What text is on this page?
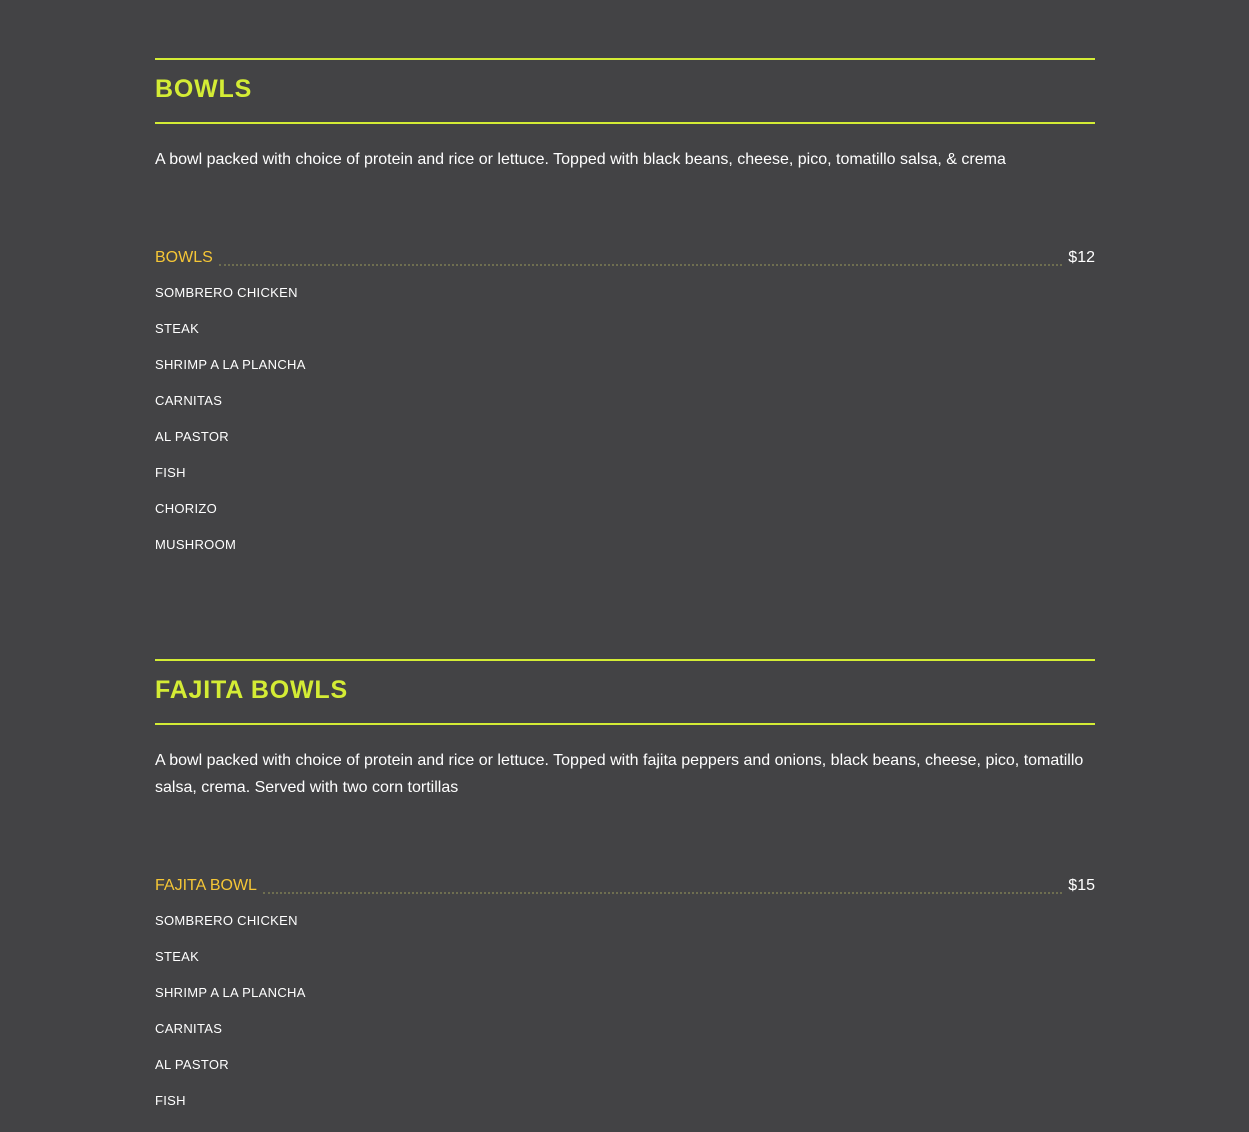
BOWLS

A bowl packed with choice of protein and rice or lettuce. Topped with black beans, cheese, pico, tomatillo salsa, & crema

BOWLS	$12
SOMBRERO CHICKEN
STEAK
SHRIMP A LA PLANCHA
CARNITAS
AL PASTOR
FISH
CHORIZO
MUSHROOM
FAJITA BOWLS

A bowl packed with choice of protein and rice or lettuce. Topped with fajita peppers and onions, black beans, cheese, pico, tomatillo salsa, crema. Served with two corn tortillas

FAJITA BOWL	$15
SOMBRERO CHICKEN
STEAK
SHRIMP A LA PLANCHA
CARNITAS
AL PASTOR
FISH
